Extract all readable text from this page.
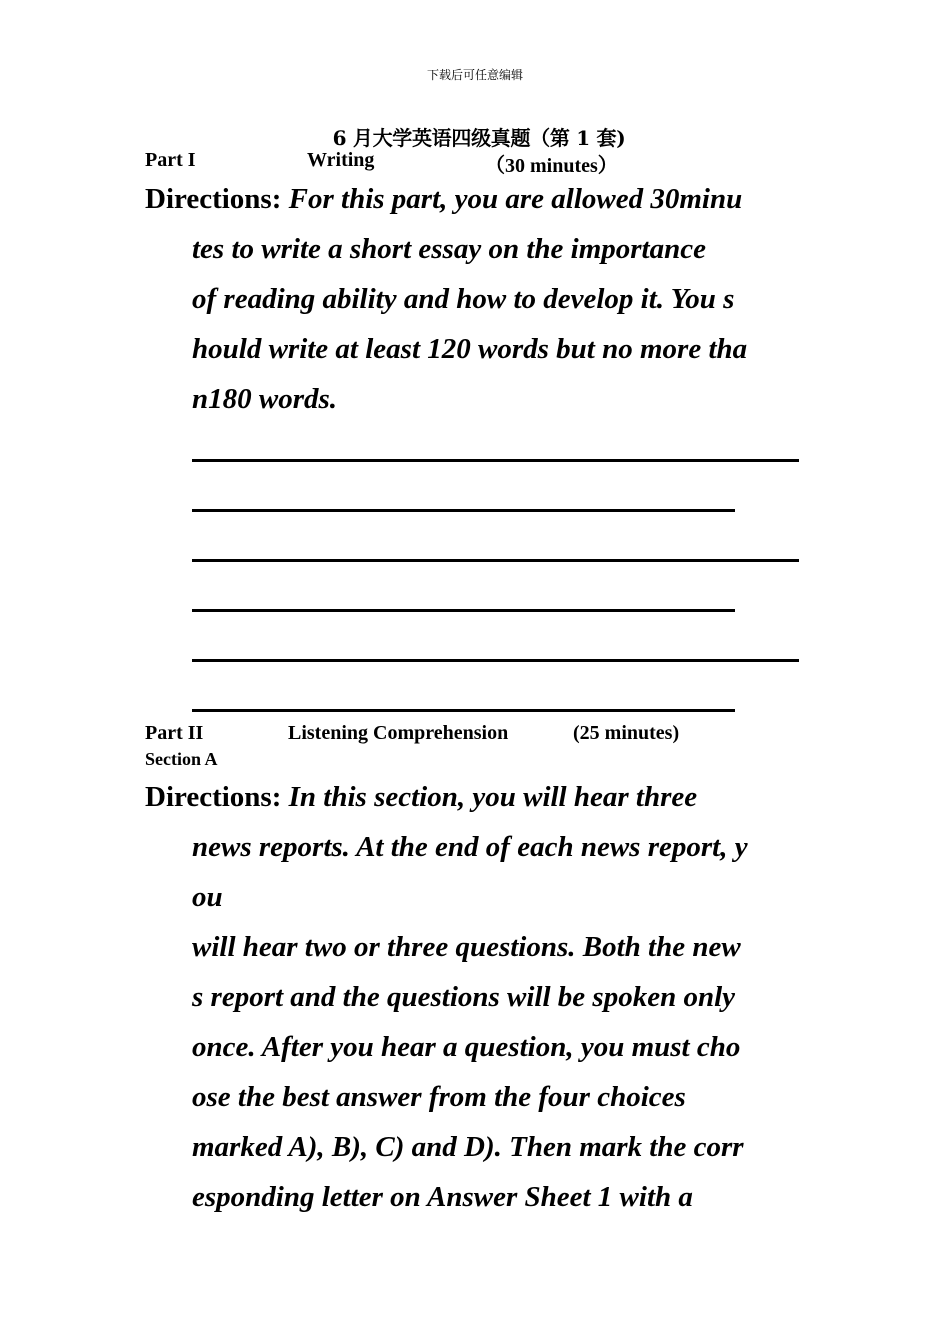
下载后可任意编辑
6 月大学英语四级真题（第 1 套)
Part I	Writing	（30 minutes）
Directions: For this part, you are allowed 30minu
tes to write a short essay on the importance
of reading ability and how to develop it. You s
hould write at least 120 words but no more tha
n180 words.
Part II	Listening Comprehension	(25 minutes)
Section A
Directions: In this section, you will hear three
news reports. At the end of each news report, y
ou
will hear two or three questions. Both the new
s report and the questions will be spoken only
once. After you hear a question, you must cho
ose the best answer from the four choices
marked A), B), C) and D). Then mark the corr
esponding letter on Answer Sheet 1 with a
